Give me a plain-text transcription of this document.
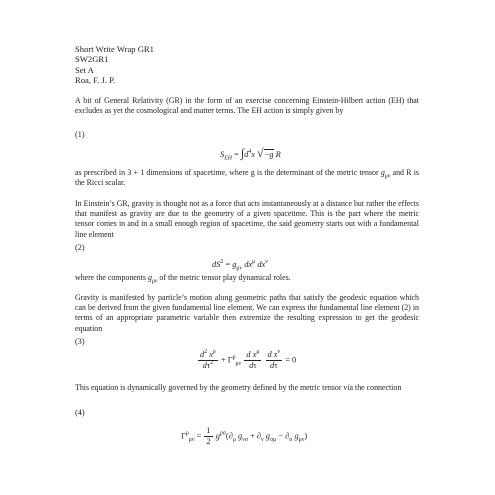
Short Write Wrap GR1
SW2GR1
Set A
Roa, F. J. P.

A bit of General Relativity (GR) in the form of an exercise concerning Einstein-Hilbert action (EH) that excludes as yet the cosmological and matter terms. The EH action is simply given by

(1)
$S_{EH} = \int d^4x$ √−g R

as prescribed in 3 + 1 dimensions of spacetime, where g is the determinant of the metric tensor $g_{\mu\nu}$ and R is the Ricci scalar.

In Einstein’s GR, gravity is thought not as a force that acts instantaneously at a distance but rather the effects that manifest as gravity are due to the geometry of a given spacetime. This is the part where the metric tensor comes in and in a small enough region of spacetime, the said geometry starts out with a fundamental line element

(2)
$dS^2 = g_{\mu\nu}$ $dx^\mu$ $dx^\nu$

where the components $g_{\mu\nu}$ of the metric tensor play dynamical roles.

Gravity is manifested by particle’s motion along geometric paths that satisfy the geodesic equation which can be derived from the given fundamental line element. We can express the fundamental line element (2) in terms of an appropriate parametric variable then extremize the resulting expression to get the geodesic equation

(3)
$\frac{d^2 x^\rho}{d\tau^2} + \Gamma^\rho_{\mu\nu} \frac{d x^\mu}{d\tau}$
$\frac{d x^\nu}{d\tau} = 0$

This equation is dynamically governed by the geometry defined by the metric tensor via the connection

(4)
$\Gamma^\rho_{\mu\nu} = \frac{1}{2} g^{\rho\sigma}(\partial_\mu$ $g_{\nu\sigma} + \partial_\nu$ $g_{\sigma\mu} - \partial_\sigma$ $g_{\mu\nu}$)
